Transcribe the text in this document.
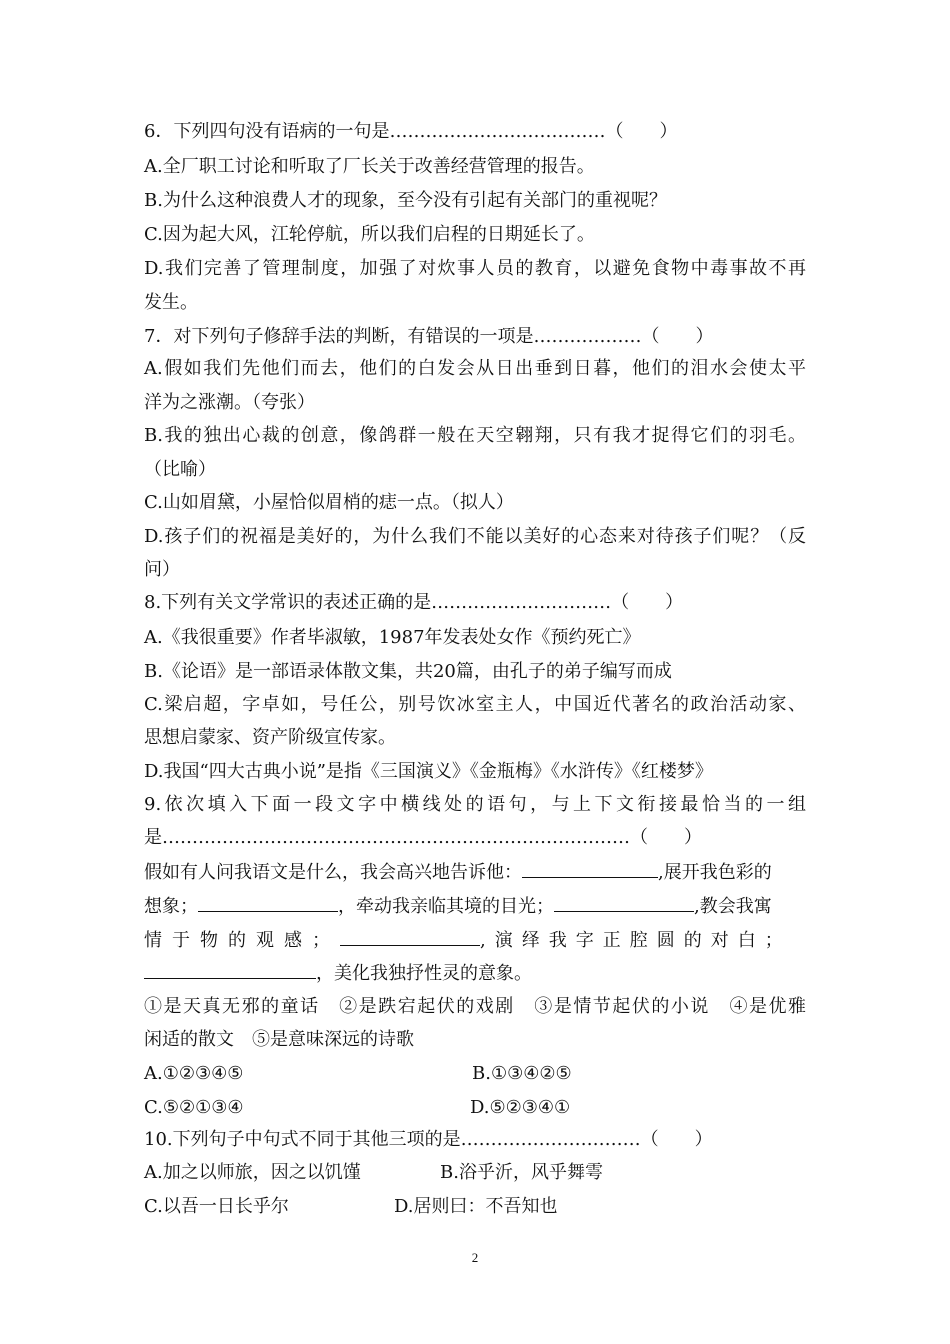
6．下列四句没有语病的一句是………………………………（　　）
A.全厂职工讨论和听取了厂长关于改善经营管理的报告。
B.为什么这种浪费人才的现象，至今没有引起有关部门的重视呢？
C.因为起大风，江轮停航，所以我们启程的日期延长了。
D.我们完善了管理制度，加强了对炊事人员的教育，以避免食物中毒事故不再
发生。
7．对下列句子修辞手法的判断，有错误的一项是………………（　　）
A.假如我们先他们而去，他们的白发会从日出垂到日暮，他们的泪水会使太平
洋为之涨潮。（夸张）
B.我的独出心裁的创意，像鸽群一般在天空翱翔，只有我才捉得它们的羽毛。
（比喻）
C.山如眉黛，小屋恰似眉梢的痣一点。（拟人）
D.孩子们的祝福是美好的，为什么我们不能以美好的心态来对待孩子们呢？（反
问）
8.下列有关文学常识的表述正确的是…………………………（　　）
A.《我很重要》作者毕淑敏，1987年发表处女作《预约死亡》
B.《论语》是一部语录体散文集，共20篇，由孔子的弟子编写而成
C.梁启超，字卓如，号任公，别号饮冰室主人，中国近代著名的政治活动家、
思想启蒙家、资产阶级宣传家。
D.我国“四大古典小说”是指《三国演义》《金瓶梅》《水浒传》《红楼梦》
9.依次填入下面一段文字中横线处的语句，与上下文衔接最恰当的一组
是……………………………………………………………………（　　）
假如有人问我语文是什么，我会高兴地告诉他：	,展开我色彩的
想象；	，牵动我亲临其境的目光；	,教会我寓
情于物的观感；	,演绎我字正腔圆的对白；
，美化我独抒性灵的意象。
①是天真无邪的童话　②是跌宕起伏的戏剧　③是情节起伏的小说　④是优雅
闲适的散文　⑤是意味深远的诗歌
A.①②③④⑤	B.①③④②⑤
C.⑤②①③④	D.⑤②③④①
10.下列句子中句式不同于其他三项的是…………………………（　　）
A.加之以师旅，因之以饥馑	B.浴乎沂，风乎舞雩
C.以吾一日长乎尔	D.居则曰：不吾知也
2
